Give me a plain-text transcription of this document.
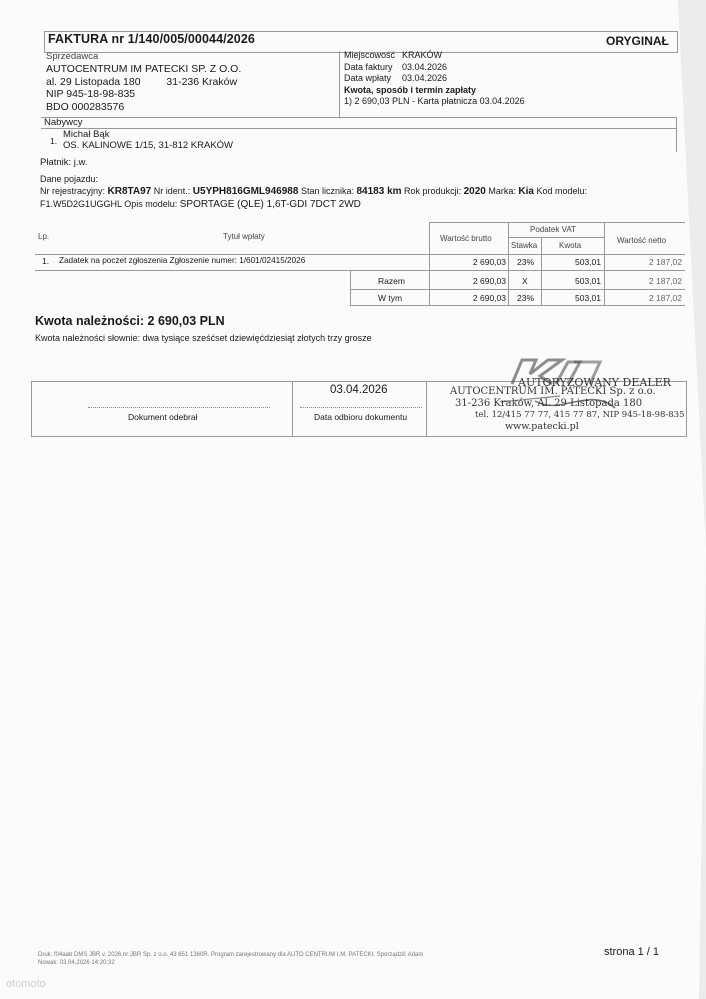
FAKTURA nr 1/140/005/00044/2026	ORYGINAŁ
Sprzedawca
AUTOCENTRUM IM PATECKI SP. Z O.O.
al. 29 Listopada 180 31-236 Kraków
NIP 945-18-98-835
BDO 000283576
Miejscowość KRAKÓW
Data faktury 03.04.2026
Data wpłaty 03.04.2026
Kwota, sposób i termin zapłaty
1) 2 690,03 PLN - Karta płatnicza 03.04.2026
Nabywcy
1.
Michał Bąk
OS. KALINOWE 1/15, 31-812 KRAKÓW
Płatnik: j.w.
Dane pojazdu:
Nr rejestracyjny: KR8TA97 Nr ident.: U5YPH816GML946988 Stan licznika: 84183 km Rok produkcji: 2020 Marka: Kia Kod modelu:
F1.W5D2G1UGGHL Opis modelu: SPORTAGE (QLE) 1,6T-GDI 7DCT 2WD
Lp.	Tytuł wpłaty	Wartość brutto
Podatek VAT
Stawka	Kwota
Wartość netto
1. Zadatek na poczet zgłoszenia Zgłoszenie numer: 1/601/02415/2026	2 690,03 23%	503,01	2 187,02
Razem	2 690,03 X	503,01	2 187,02
W tym	2 690,03 23%	503,01	2 187,02
Kwota należności: 2 690,03 PLN
Kwota należności słownie: dwa tysiące sześćset dziewięćdziesiąt złotych trzy grosze
Dokument odebrał
03.04.2026
Data odbioru dokumentu
AUTORYZOWANY DEALER
AUTOCENTRUM IM. PATECKI Sp. z o.o.
31-236 Kraków, Al. 29 Listopada 180
tel. 12/415 77 77, 415 77 87, NIP 945-18-98-835
www.patecki.pl
Druk: f04aab DMS JBR v. 2026.nr JBR Sp. z o.o. 43 851 1360R. Program zarejestrowany dla AUTO CENTRUM I.M. PATECKI. Sporządził: Adam
Nowak: 03.04.2026 14:20:32
strona 1 / 1
otomoto
